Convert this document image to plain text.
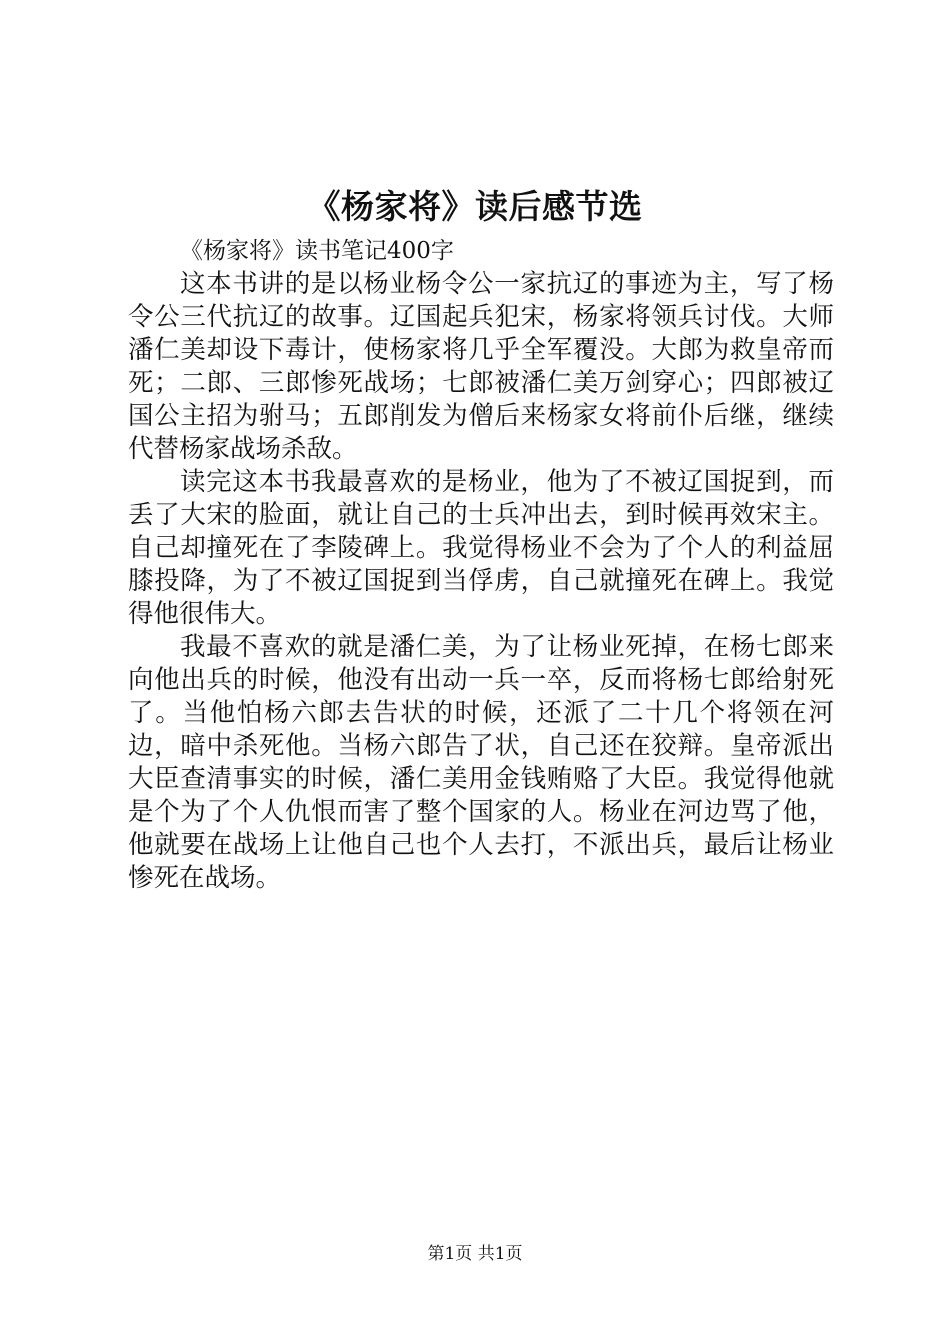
《杨家将》读后感节选

《杨家将》读书笔记400字

这本书讲的是以杨业杨令公一家抗辽的事迹为主，写了杨令公三代抗辽的故事。辽国起兵犯宋，杨家将领兵讨伐。大师潘仁美却设下毒计，使杨家将几乎全军覆没。大郎为救皇帝而死；二郎、三郎惨死战场；七郎被潘仁美万剑穿心；四郎被辽国公主招为驸马；五郎削发为僧后来杨家女将前仆后继，继续代替杨家战场杀敌。

读完这本书我最喜欢的是杨业，他为了不被辽国捉到，而丢了大宋的脸面，就让自己的士兵冲出去，到时候再效宋主。自己却撞死在了李陵碑上。我觉得杨业不会为了个人的利益屈膝投降，为了不被辽国捉到当俘虏，自己就撞死在碑上。我觉得他很伟大。

我最不喜欢的就是潘仁美，为了让杨业死掉，在杨七郎来向他出兵的时候，他没有出动一兵一卒，反而将杨七郎给射死了。当他怕杨六郎去告状的时候，还派了二十几个将领在河边，暗中杀死他。当杨六郎告了状，自己还在狡辩。皇帝派出大臣查清事实的时候，潘仁美用金钱贿赂了大臣。我觉得他就是个为了个人仇恨而害了整个国家的人。杨业在河边骂了他，他就要在战场上让他自己也个人去打，不派出兵，最后让杨业惨死在战场。

第1页 共1页
